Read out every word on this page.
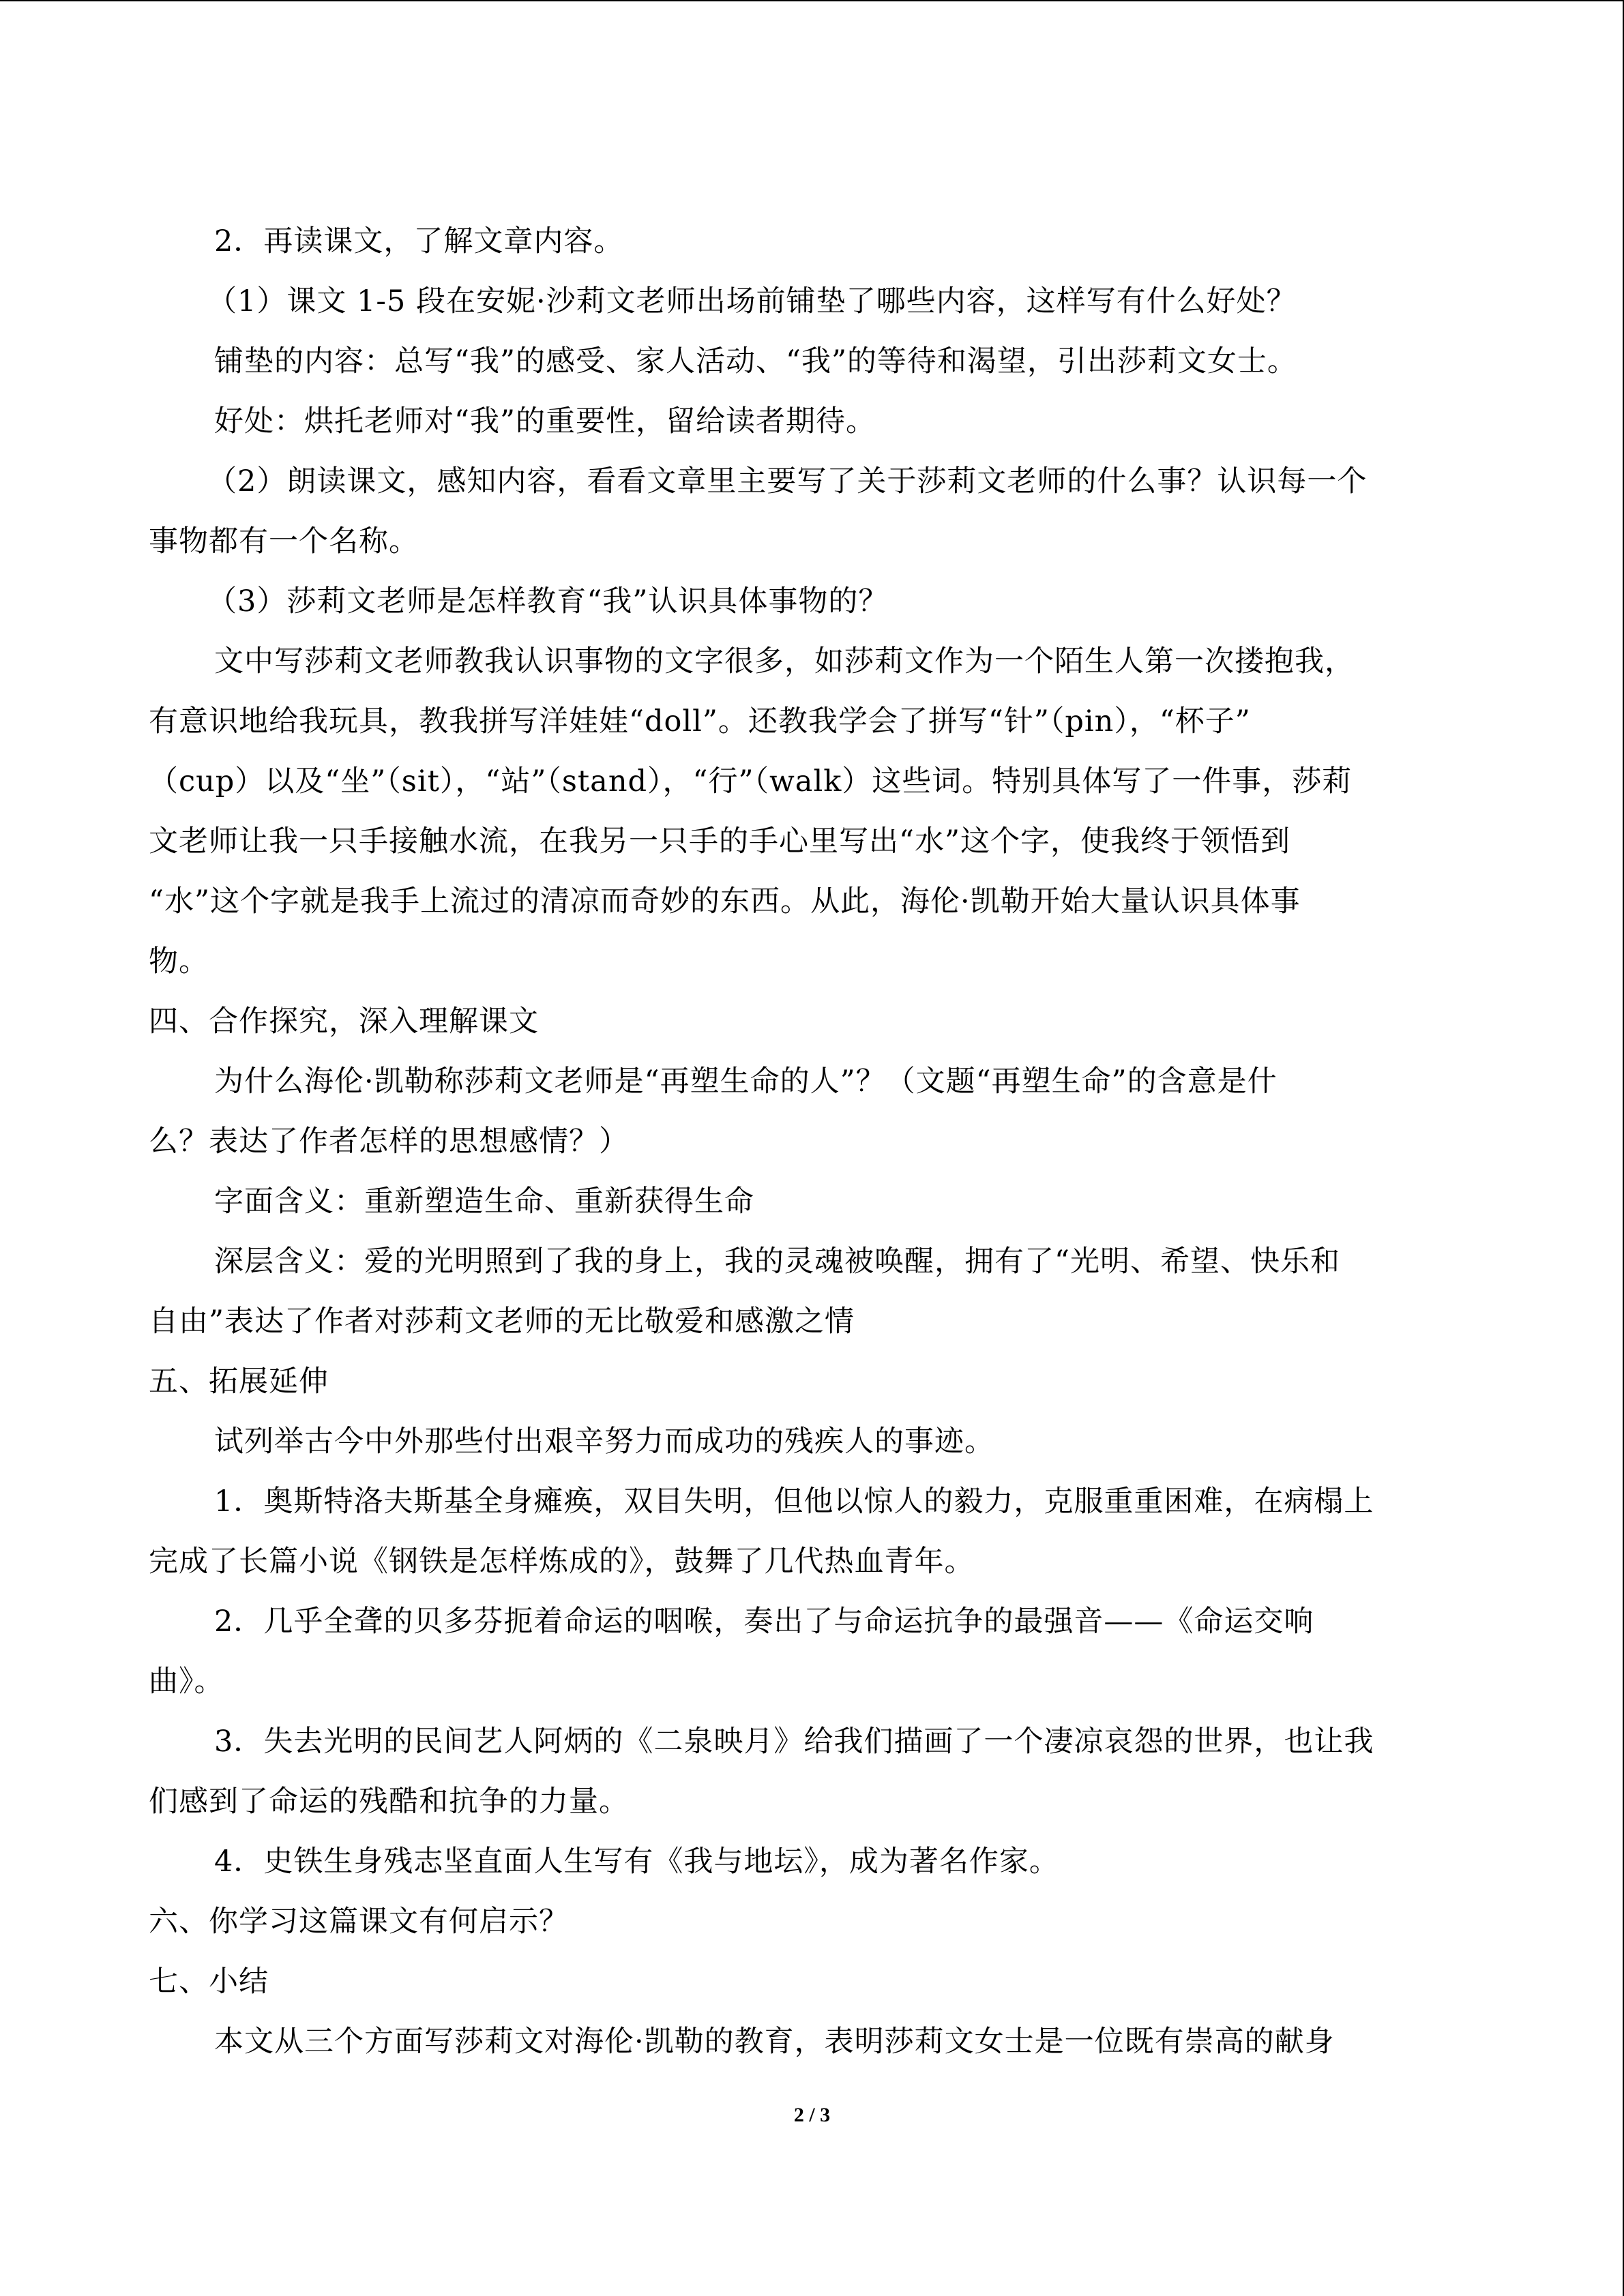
2．再读课文，了解文章内容。
（1）课文 1-5 段在安妮·沙莉文老师出场前铺垫了哪些内容，这样写有什么好处？
铺垫的内容：总写“我”的感受、家人活动、“我”的等待和渴望，引出莎莉文女士。
好处：烘托老师对“我”的重要性，留给读者期待。
（2）朗读课文，感知内容，看看文章里主要写了关于莎莉文老师的什么事？认识每一个
事物都有一个名称。
（3）莎莉文老师是怎样教育“我”认识具体事物的？
文中写莎莉文老师教我认识事物的文字很多，如莎莉文作为一个陌生人第一次搂抱我，
有意识地给我玩具，教我拼写洋娃娃“doll”。还教我学会了拼写“针”（pin），“杯子”
（cup）以及“坐”（sit），“站”（stand），“行”（walk）这些词。特别具体写了一件事，莎莉
文老师让我一只手接触水流，在我另一只手的手心里写出“水”这个字，使我终于领悟到
“水”这个字就是我手上流过的清凉而奇妙的东西。从此，海伦·凯勒开始大量认识具体事
物。
四、合作探究，深入理解课文
为什么海伦·凯勒称莎莉文老师是“再塑生命的人”？（文题“再塑生命”的含意是什
么？表达了作者怎样的思想感情？）
字面含义：重新塑造生命、重新获得生命
深层含义：爱的光明照到了我的身上，我的灵魂被唤醒，拥有了“光明、希望、快乐和
自由”表达了作者对莎莉文老师的无比敬爱和感激之情
五、拓展延伸
试列举古今中外那些付出艰辛努力而成功的残疾人的事迹。
1．奥斯特洛夫斯基全身瘫痪，双目失明，但他以惊人的毅力，克服重重困难，在病榻上
完成了长篇小说《钢铁是怎样炼成的》，鼓舞了几代热血青年。
2．几乎全聋的贝多芬扼着命运的咽喉，奏出了与命运抗争的最强音——《命运交响
曲》。
3．失去光明的民间艺人阿炳的《二泉映月》给我们描画了一个凄凉哀怨的世界，也让我
们感到了命运的残酷和抗争的力量。
4．史铁生身残志坚直面人生写有《我与地坛》，成为著名作家。
六、你学习这篇课文有何启示？
七、小结
本文从三个方面写莎莉文对海伦·凯勒的教育，表明莎莉文女士是一位既有崇高的献身
2 / 3
